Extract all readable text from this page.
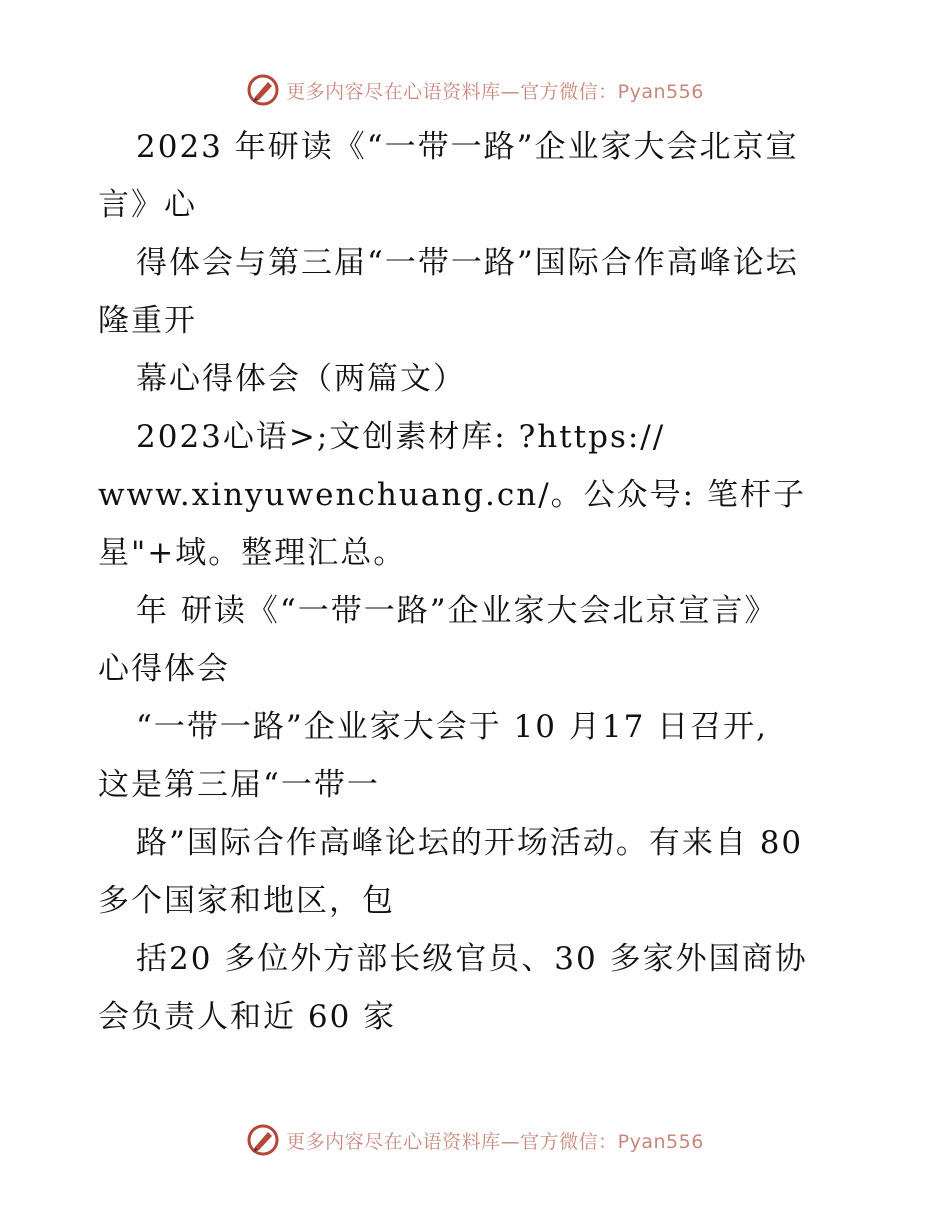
更多内容尽在心语资料库—官方微信：Pyan556

2023 年研读《“一带一路”企业家大会北京宣

言》心

得体会与第三届“一带一路”国际合作高峰论坛

隆重开

幕心得体会（两篇文）

2023心语>;文创素材库: ?https://

www.xinyuwenchuang.cn/。公众号: 笔杆子

星"+域。整理汇总。

年 研读《“一带一路”企业家大会北京宣言》

心得体会

“一带一路”企业家大会于 10 月17 日召开,

这是第三届“一带一

路”国际合作高峰论坛的开场活动。有来自 80

多个国家和地区，包

括20 多位外方部长级官员、30 多家外国商协

会负责人和近 60 家

更多内容尽在心语资料库—官方微信：Pyan556
